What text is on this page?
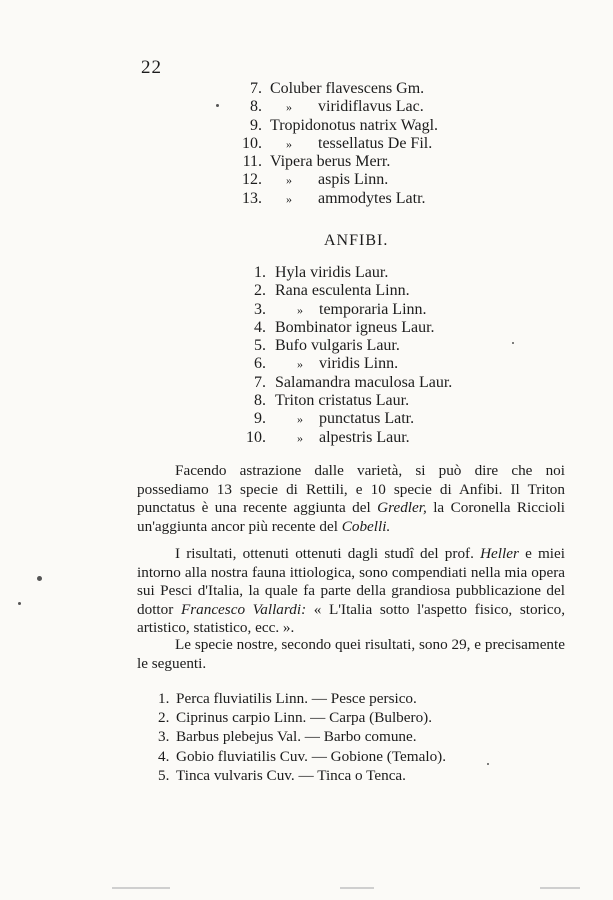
22
7. Coluber flavescens Gm.
8. » viridiflavus Lac.
9. Tropidonotus natrix Wagl.
10. » tessellatus De Fil.
11. Vipera berus Merr.
12. » aspis Linn.
13. » ammodytes Latr.
ANFIBI.
1. Hyla viridis Laur.
2. Rana esculenta Linn.
3.	» temporaria Linn.
4. Bombinator igneus Laur.
5. Bufo vulgaris Laur.
6.	» viridis Linn.
7. Salamandra maculosa Laur.
8. Triton cristatus Laur.
9.	» punctatus Latr.
10.	» alpestris Laur.

Facendo astrazione dalle varietà, si può dire che noi possediamo 13 specie di Rettili, e 10 specie di Anfibi. Il Triton punctatus è una recente aggiunta del Gredler, la Coronella Riccioli un'aggiunta ancor più recente del Cobelli.

I risultati, ottenuti ottenuti dagli studî del prof. Heller e miei intorno alla nostra fauna ittiologica, sono compendiati nella mia opera sui Pesci d'Italia, la quale fa parte della grandiosa pubblicazione del dottor Francesco Vallardi: « L'Italia sotto l'aspetto fisico, storico, artistico, statistico, ecc. ».

Le specie nostre, secondo quei risultati, sono 29, e precisamente le seguenti.

1. Perca fluviatilis Linn. — Pesce persico.
2. Ciprinus carpio Linn. — Carpa (Bulbero).
3. Barbus plebejus Val. — Barbo comune.
4. Gobio fluviatilis Cuv. — Gobione (Temalo).
5. Tinca vulvaris Cuv. — Tinca o Tenca.
